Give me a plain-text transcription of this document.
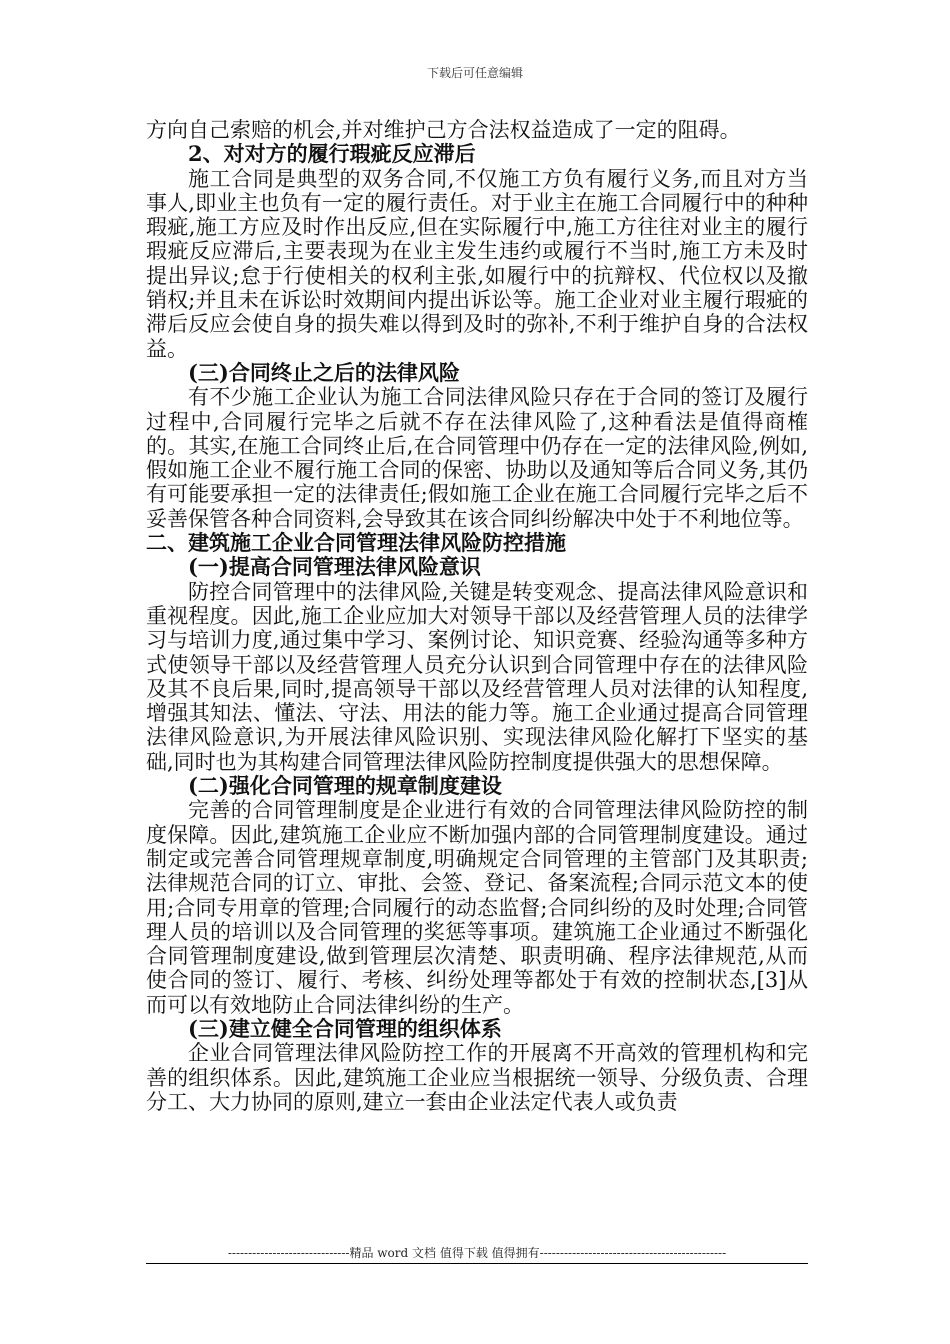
下载后可任意编辑

方向自己索赔的机会,并对维护己方合法权益造成了一定的阻碍。

2、对对方的履行瑕疵反应滞后

施工合同是典型的双务合同,不仅施工方负有履行义务,而且对方当事人,即业主也负有一定的履行责任。对于业主在施工合同履行中的种种瑕疵,施工方应及时作出反应,但在实际履行中,施工方往往对业主的履行瑕疵反应滞后,主要表现为在业主发生违约或履行不当时,施工方未及时提出异议;怠于行使相关的权利主张,如履行中的抗辩权、代位权以及撤销权;并且未在诉讼时效期间内提出诉讼等。施工企业对业主履行瑕疵的滞后反应会使自身的损失难以得到及时的弥补,不利于维护自身的合法权益。

(三)合同终止之后的法律风险

有不少施工企业认为施工合同法律风险只存在于合同的签订及履行过程中,合同履行完毕之后就不存在法律风险了,这种看法是值得商榷的。其实,在施工合同终止后,在合同管理中仍存在一定的法律风险,例如,假如施工企业不履行施工合同的保密、协助以及通知等后合同义务,其仍有可能要承担一定的法律责任;假如施工企业在施工合同履行完毕之后不妥善保管各种合同资料,会导致其在该合同纠纷解决中处于不利地位等。

二、建筑施工企业合同管理法律风险防控措施

(一)提高合同管理法律风险意识

防控合同管理中的法律风险,关键是转变观念、提高法律风险意识和重视程度。因此,施工企业应加大对领导干部以及经营管理人员的法律学习与培训力度,通过集中学习、案例讨论、知识竞赛、经验沟通等多种方式使领导干部以及经营管理人员充分认识到合同管理中存在的法律风险及其不良后果,同时,提高领导干部以及经营管理人员对法律的认知程度,增强其知法、懂法、守法、用法的能力等。施工企业通过提高合同管理法律风险意识,为开展法律风险识别、实现法律风险化解打下坚实的基础,同时也为其构建合同管理法律风险防控制度提供强大的思想保障。

(二)强化合同管理的规章制度建设

完善的合同管理制度是企业进行有效的合同管理法律风险防控的制度保障。因此,建筑施工企业应不断加强内部的合同管理制度建设。通过制定或完善合同管理规章制度,明确规定合同管理的主管部门及其职责;法律规范合同的订立、审批、会签、登记、备案流程;合同示范文本的使用;合同专用章的管理;合同履行的动态监督;合同纠纷的及时处理;合同管理人员的培训以及合同管理的奖惩等事项。建筑施工企业通过不断强化合同管理制度建设,做到管理层次清楚、职责明确、程序法律规范,从而使合同的签订、履行、考核、纠纷处理等都处于有效的控制状态,[3]从而可以有效地防止合同法律纠纷的生产。

(三)建立健全合同管理的组织体系

企业合同管理法律风险防控工作的开展离不开高效的管理机构和完善的组织体系。因此,建筑施工企业应当根据统一领导、分级负责、合理分工、大力协同的原则,建立一套由企业法定代表人或负责

------------------------------精品 word 文档 值得下载 值得拥有----------------------------------------------
